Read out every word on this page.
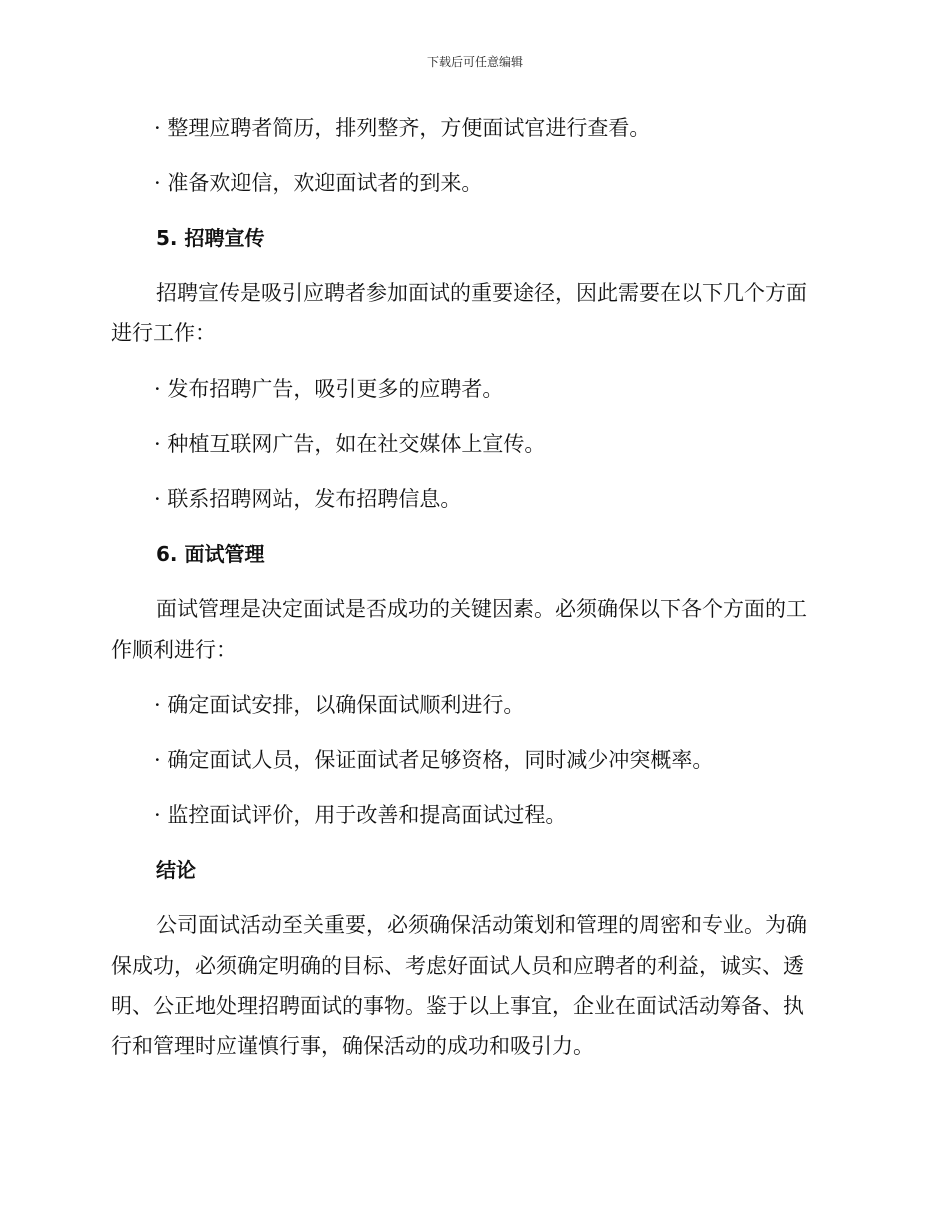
下载后可任意编辑
· 整理应聘者简历，排列整齐，方便面试官进行查看。
· 准备欢迎信，欢迎面试者的到来。
5. 招聘宣传
招聘宣传是吸引应聘者参加面试的重要途径，因此需要在以下几个方面
进行工作：
· 发布招聘广告，吸引更多的应聘者。
· 种植互联网广告，如在社交媒体上宣传。
· 联系招聘网站，发布招聘信息。
6. 面试管理
面试管理是决定面试是否成功的关键因素。必须确保以下各个方面的工
作顺利进行：
· 确定面试安排，以确保面试顺利进行。
· 确定面试人员，保证面试者足够资格，同时减少冲突概率。
· 监控面试评价，用于改善和提高面试过程。
结论
公司面试活动至关重要，必须确保活动策划和管理的周密和专业。为确
保成功，必须确定明确的目标、考虑好面试人员和应聘者的利益，诚实、透
明、公正地处理招聘面试的事物。鉴于以上事宜，企业在面试活动筹备、执
行和管理时应谨慎行事，确保活动的成功和吸引力。
